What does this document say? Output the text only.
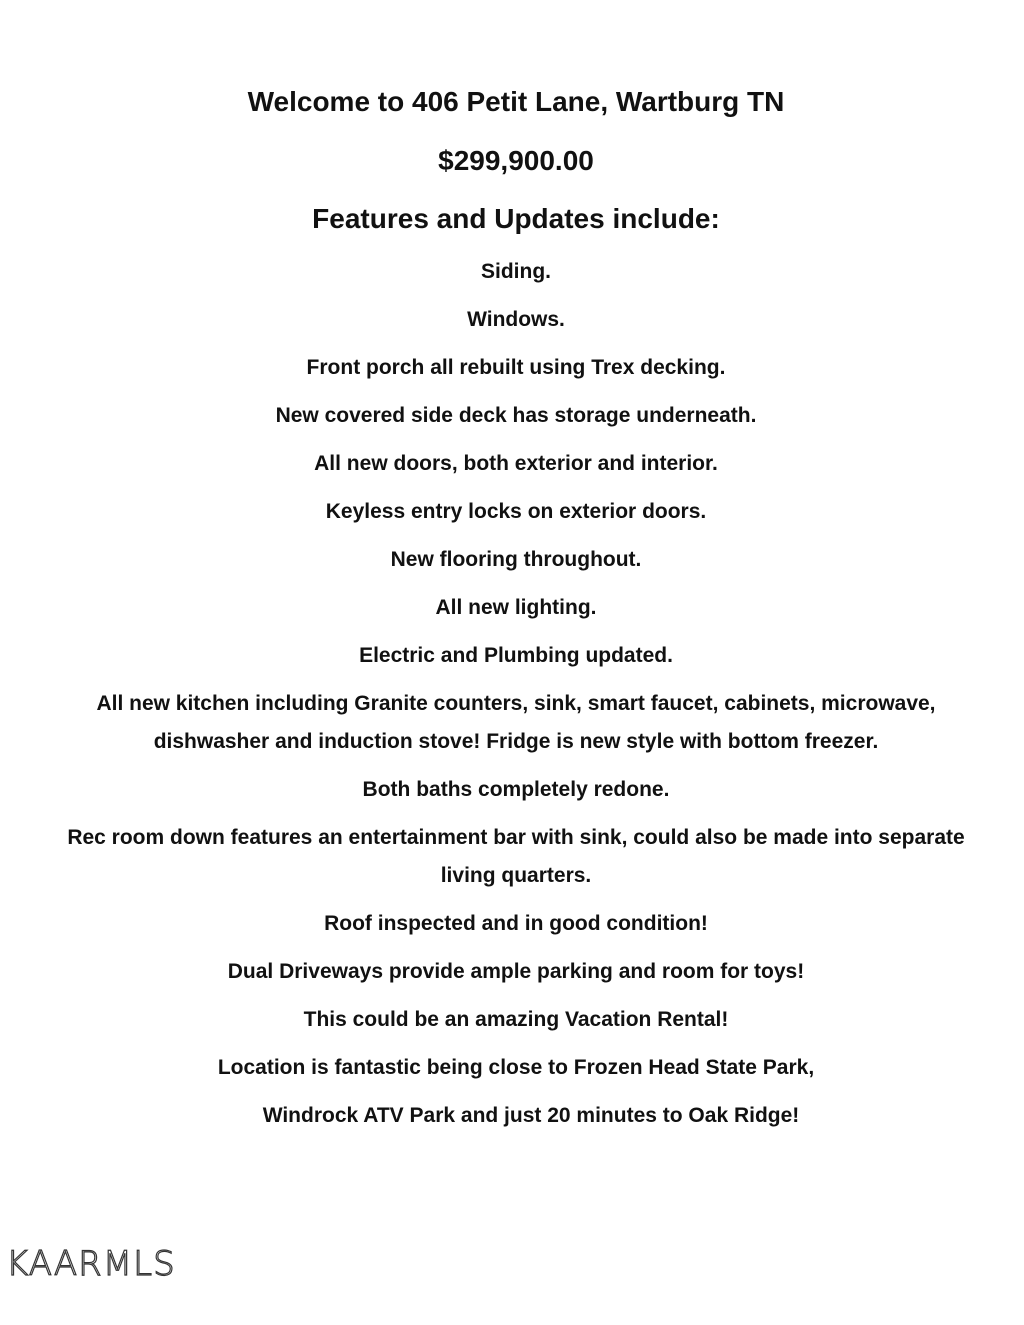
Welcome to 406 Petit Lane, Wartburg TN
$299,900.00
Features and Updates include:
Siding.
Windows.
Front porch all rebuilt using Trex decking.
New covered side deck has storage underneath.
All new doors, both exterior and interior.
Keyless entry locks on exterior doors.
New flooring throughout.
All new lighting.
Electric and Plumbing updated.
All new kitchen including Granite counters, sink, smart faucet, cabinets, microwave, dishwasher and induction stove! Fridge is new style with bottom freezer.
Both baths completely redone.
Rec room down features an entertainment bar with sink, could also be made into separate living quarters.
Roof inspected and in good condition!
Dual Driveways provide ample parking and room for toys!
This could be an amazing Vacation Rental!
Location is fantastic being close to Frozen Head State Park,
Windrock ATV Park and just 20 minutes to Oak Ridge!
KAARMLS
